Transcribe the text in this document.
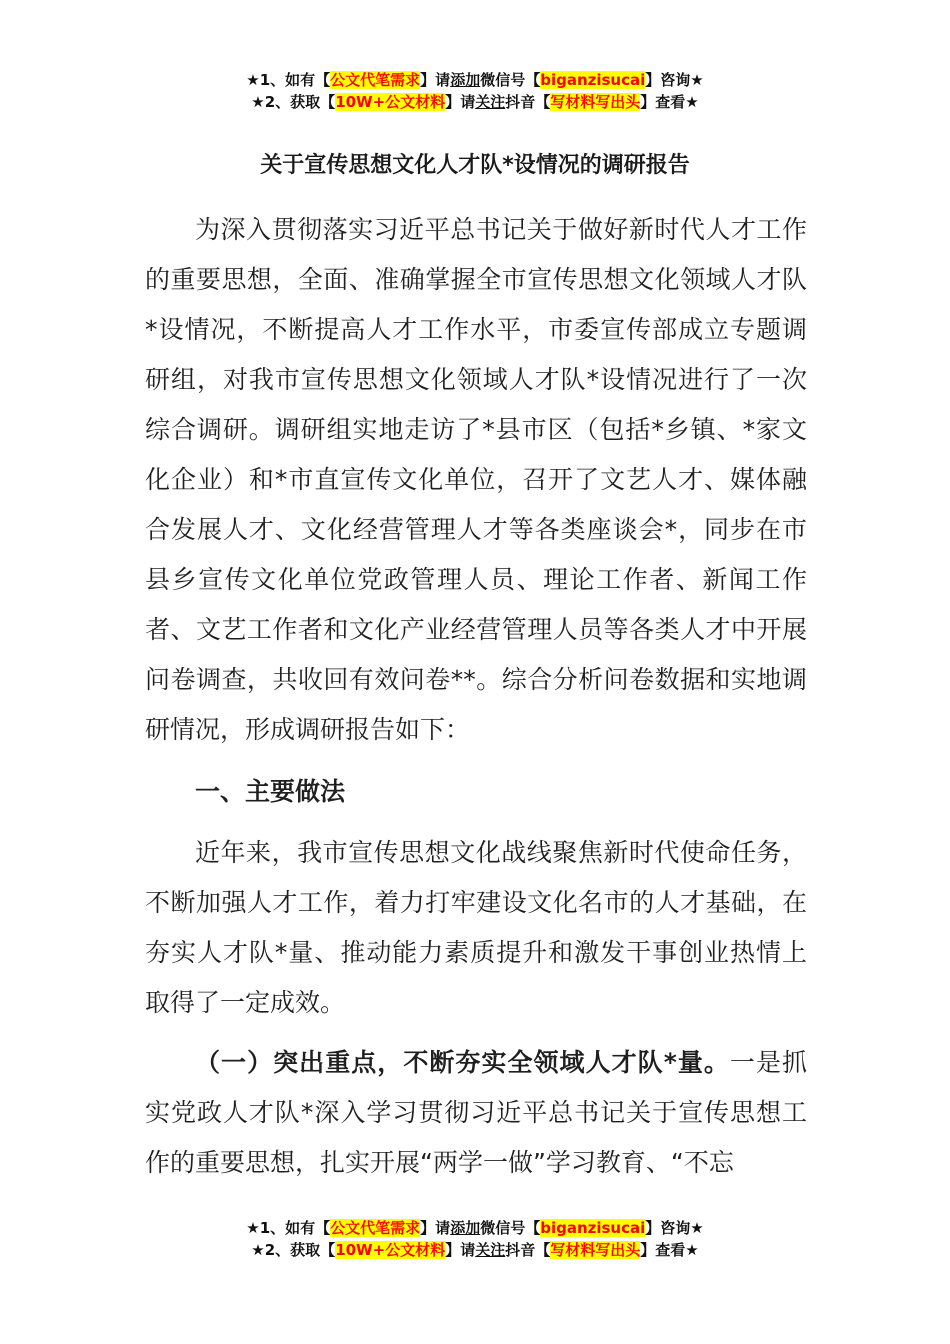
★1、如有【公文代笔需求】请添加微信号【biganzisucai】咨询★
★2、获取【10W+公文材料】请关注抖音【写材料写出头】查看★
关于宣传思想文化人才队*设情况的调研报告
为深入贯彻落实习近平总书记关于做好新时代人才工作的重要思想，全面、准确掌握全市宣传思想文化领域人才队*设情况，不断提高人才工作水平，市委宣传部成立专题调研组，对我市宣传思想文化领域人才队*设情况进行了一次综合调研。调研组实地走访了*县市区（包括*乡镇、*家文化企业）和*市直宣传文化单位，召开了文艺人才、媒体融合发展人才、文化经营管理人才等各类座谈会*，同步在市县乡宣传文化单位党政管理人员、理论工作者、新闻工作者、文艺工作者和文化产业经营管理人员等各类人才中开展问卷调查，共收回有效问卷**。综合分析问卷数据和实地调研情况，形成调研报告如下：
一、主要做法
近年来，我市宣传思想文化战线聚焦新时代使命任务，不断加强人才工作，着力打牢建设文化名市的人才基础，在夯实人才队*量、推动能力素质提升和激发干事创业热情上取得了一定成效。
（一）突出重点，不断夯实全领域人才队*量。一是抓实党政人才队*深入学习贯彻习近平总书记关于宣传思想工作的重要思想，扎实开展“两学一做”学习教育、“不忘
★1、如有【公文代笔需求】请添加微信号【biganzisucai】咨询★
★2、获取【10W+公文材料】请关注抖音【写材料写出头】查看★
